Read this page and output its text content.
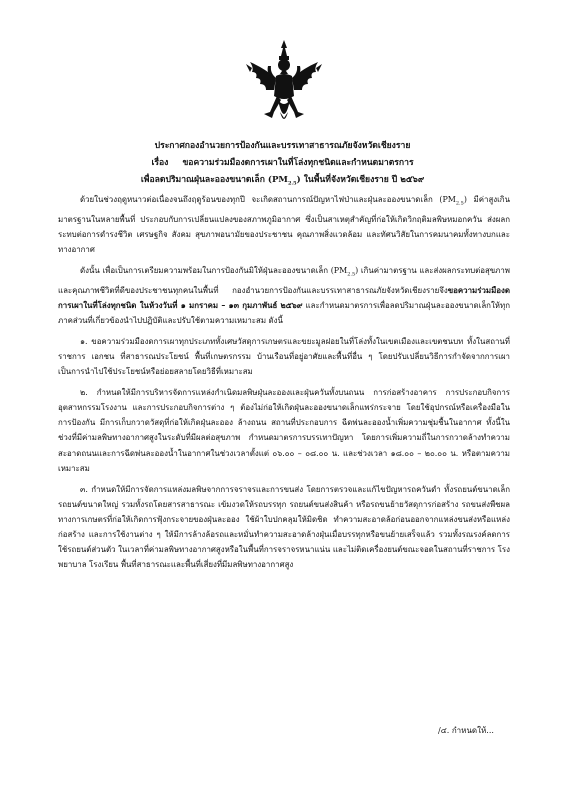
ประกาศกองอำนวยการป้องกันและบรรเทาสาธารณภัยจังหวัดเชียงราย
เรื่อง ขอความร่วมมืองดการเผาในที่โล่งทุกชนิดและกำหนดมาตรการ
เพื่อลดปริมาณฝุ่นละอองขนาดเล็ก $(PM_{2.5})$ ในพื้นที่จังหวัดเชียงราย ปี ๒๕๖๙

ด้วยในช่วงฤดูหนาวต่อเนื่องจนถึงฤดูร้อนของทุกปี จะเกิดสถานการณ์ปัญหาไฟป่าและฝุ่นละอองขนาดเล็ก $(PM_{2.5})$ มีค่าสูงเกินมาตรฐานในหลายพื้นที่ ประกอบกับการเปลี่ยนแปลงของสภาพภูมิอากาศ ซึ่งเป็นสาเหตุสำคัญที่ก่อให้เกิดวิกฤติมลพิษหมอกควัน ส่งผลกระทบต่อการดำรงชีวิต เศรษฐกิจ สังคม สุขภาพอนามัยของประชาชน คุณภาพสิ่งแวดล้อม และทัศนวิสัยในการคมนาคมทั้งทางบกและทางอากาศ

ดังนั้น เพื่อเป็นการเตรียมความพร้อมในการป้องกันมิให้ฝุ่นละอองขนาดเล็ก $(PM_{2.5})$ เกินค่ามาตรฐาน และส่งผลกระทบต่อสุขภาพและคุณภาพชีวิตที่ดีของประชาชนทุกคนในพื้นที่ กองอำนวยการป้องกันและบรรเทาสาธารณภัยจังหวัดเชียงรายจึงขอความร่วมมืองดการเผาในที่โล่งทุกชนิด ในห้วงวันที่ ๑ มกราคม – ๑๓ กุมภาพันธ์ ๒๕๖๙ และกำหนดมาตรการเพื่อลดปริมาณฝุ่นละอองขนาดเล็กให้ทุกภาคส่วนที่เกี่ยวข้องนำไปปฏิบัติและปรับใช้ตามความเหมาะสม ดังนี้

๑. ขอความร่วมมืองดการเผาทุกประเภททั้งเศษวัสดุการเกษตรและขยะมูลฝอยในที่โล่งทั้งในเขตเมืองและเขตชนบท ทั้งในสถานที่ราชการ เอกชน ที่สาธารณประโยชน์ พื้นที่เกษตรกรรม บ้านเรือนที่อยู่อาศัยและพื้นที่อื่น ๆ โดยปรับเปลี่ยนวิธีการกำจัดจากการเผาเป็นการนำไปใช้ประโยชน์หรือย่อยสลายโดยวิธีที่เหมาะสม

๒. กำหนดให้มีการบริหารจัดการแหล่งกำเนิดมลพิษฝุ่นละอองและฝุ่นควันทั้งบนถนน การก่อสร้างอาคาร การประกอบกิจการอุตสาหกรรมโรงงาน และการประกอบกิจการต่าง ๆ ต้องไม่ก่อให้เกิดฝุ่นละอองขนาดเล็กแพร่กระจาย โดยใช้อุปกรณ์หรือเครื่องมือในการป้องกัน มีการเก็บกวาดวัสดุที่ก่อให้เกิดฝุ่นละออง ล้างถนน สถานที่ประกอบการ ฉีดพ่นละอองน้ำเพิ่มความชุ่มชื้นในอากาศ ทั้งนี้ในช่วงที่มีค่ามลพิษทางอากาศสูงในระดับที่มีผลต่อสุขภาพ กำหนดมาตรการบรรเทาปัญหา โดยการเพิ่มความถี่ในการกวาดล้างทำความสะอาดถนนและการฉีดพ่นละอองน้ำในอากาศในช่วงเวลาตั้งแต่ ๐๖.๐๐ – ๐๘.๐๐ น. และช่วงเวลา ๑๘.๐๐ – ๒๐.๐๐ น. หรือตามความเหมาะสม

๓. กำหนดให้มีการจัดการแหล่งมลพิษจากการจราจรและการขนส่ง โดยการตรวจและแก้ไขปัญหารถควันดำ ทั้งรถยนต์ขนาดเล็ก รถยนต์ขนาดใหญ่ รวมทั้งรถโดยสารสาธารณะ เข้มงวดให้รถบรรทุก รถยนต์ขนส่งสินค้า หรือรถขนย้ายวัสดุการก่อสร้าง รถขนส่งพืชผลทางการเกษตรที่ก่อให้เกิดการฟุ้งกระจายของฝุ่นละออง ใช้ผ้าใบปกคลุมให้มิดชิด ทำความสะอาดล้อก่อนออกจากแหล่งขนส่งหรือแหล่งก่อสร้าง และการใช้งานต่าง ๆ ให้มีการล้างล้อรถและหมั่นทำความสะอาดล้างฝุ่นเมื่อบรรทุกหรือขนย้ายเสร็จแล้ว รวมทั้งรณรงค์ลดการใช้รถยนต์ส่วนตัว ในเวลาที่ค่ามลพิษทางอากาศสูงหรือในพื้นที่การจราจรหนาแน่น และไม่ติดเครื่องยนต์ขณะจอดในสถานที่ราชการ โรงพยาบาล โรงเรียน พื้นที่สาธารณะและพื้นที่เสี่ยงที่มีมลพิษทางอากาศสูง

/๔. กำหนดให้...
